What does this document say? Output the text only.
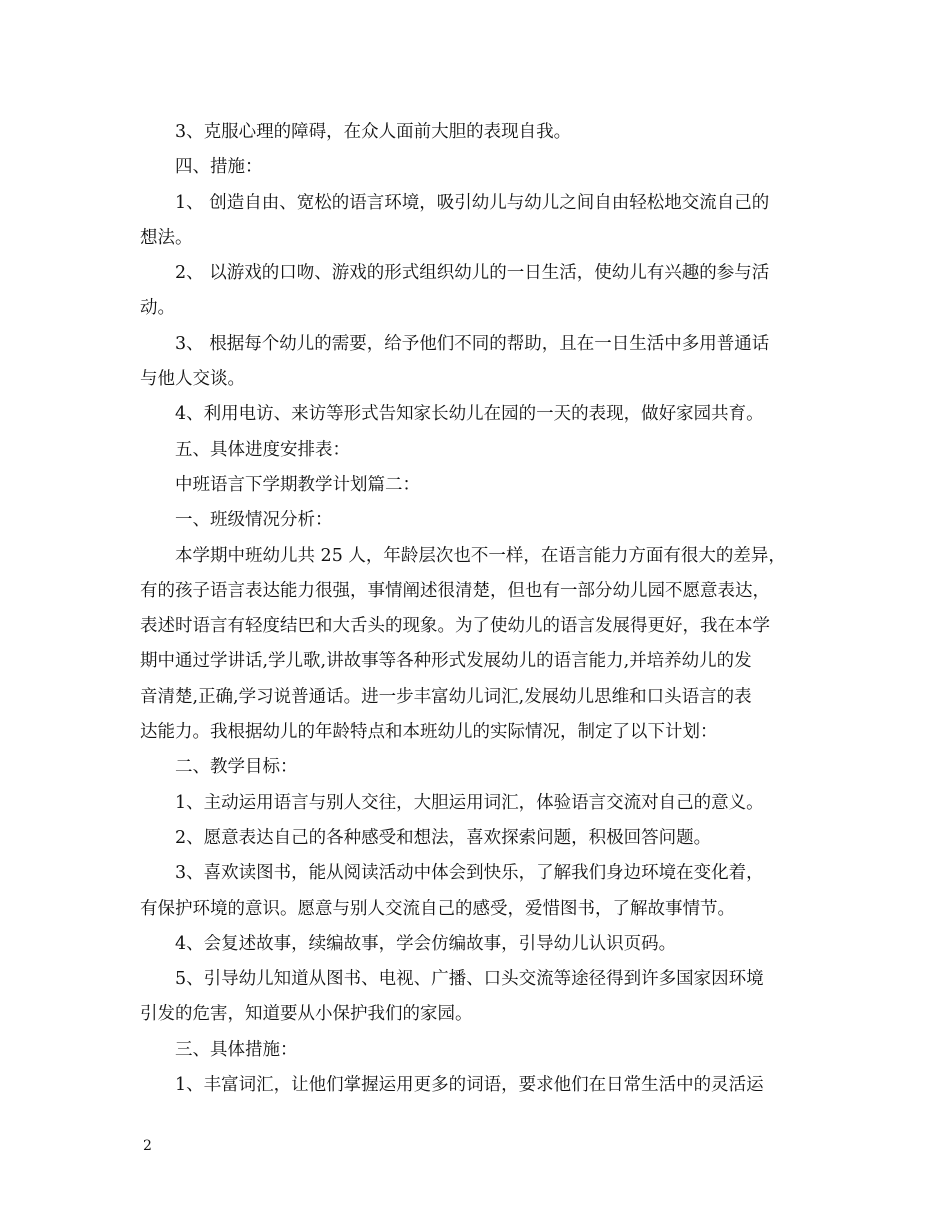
3、克服心理的障碍，在众人面前大胆的表现自我。
四、措施：
1、 创造自由、宽松的语言环境，吸引幼儿与幼儿之间自由轻松地交流自己的
想法。
2、 以游戏的口吻、游戏的形式组织幼儿的一日生活，使幼儿有兴趣的参与活
动。
3、 根据每个幼儿的需要，给予他们不同的帮助，且在一日生活中多用普通话
与他人交谈。
4、利用电访、来访等形式告知家长幼儿在园的一天的表现，做好家园共育。
五、具体进度安排表：
中班语言下学期教学计划篇二：
一、班级情况分析：
本学期中班幼儿共 25 人，年龄层次也不一样，在语言能力方面有很大的差异，
有的孩子语言表达能力很强，事情阐述很清楚，但也有一部分幼儿园不愿意表达，
表述时语言有轻度结巴和大舌头的现象。为了使幼儿的语言发展得更好，我在本学
期中通过学讲话,学儿歌,讲故事等各种形式发展幼儿的语言能力,并培养幼儿的发
音清楚,正确,学习说普通话。进一步丰富幼儿词汇,发展幼儿思维和口头语言的表
达能力。我根据幼儿的年龄特点和本班幼儿的实际情况，制定了以下计划：
二、教学目标：
1、主动运用语言与别人交往，大胆运用词汇，体验语言交流对自己的意义。
2、愿意表达自己的各种感受和想法，喜欢探索问题，积极回答问题。
3、喜欢读图书，能从阅读活动中体会到快乐，了解我们身边环境在变化着，
有保护环境的意识。愿意与别人交流自己的感受，爱惜图书，了解故事情节。
4、会复述故事，续编故事，学会仿编故事，引导幼儿认识页码。
5、引导幼儿知道从图书、电视、广播、口头交流等途径得到许多国家因环境
引发的危害，知道要从小保护我们的家园。
三、具体措施：
1、丰富词汇，让他们掌握运用更多的词语，要求他们在日常生活中的灵活运
2
